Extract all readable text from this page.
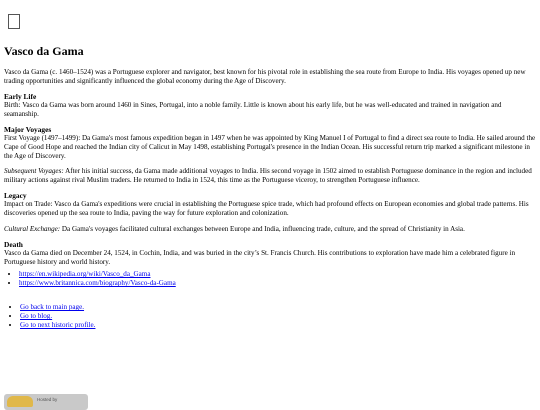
Vasco da Gama

Vasco da Gama (c. 1460–1524) was a Portuguese explorer and navigator, best known for his pivotal role in establishing the sea route from Europe to India. His voyages opened up new trading opportunities and significantly influenced the global economy during the Age of Discovery.

Early Life

Birth: Vasco da Gama was born around 1460 in Sines, Portugal, into a noble family. Little is known about his early life, but he was well-educated and trained in navigation and seamanship.

Major Voyages

First Voyage (1497–1499): Da Gama's most famous expedition began in 1497 when he was appointed by King Manuel I of Portugal to find a direct sea route to India. He sailed around the Cape of Good Hope and reached the Indian city of Calicut in May 1498, establishing Portugal's presence in the Indian Ocean. His successful return trip marked a significant milestone in the Age of Discovery.

Subsequent Voyages: After his initial success, da Gama made additional voyages to India. His second voyage in 1502 aimed to establish Portuguese dominance in the region and included military actions against rival Muslim traders. He returned to India in 1524, this time as the Portuguese viceroy, to strengthen Portuguese influence.

Legacy

Impact on Trade: Vasco da Gama's expeditions were crucial in establishing the Portuguese spice trade, which had profound effects on European economies and global trade patterns. His discoveries opened up the sea route to India, paving the way for future exploration and colonization.

Cultural Exchange: Da Gama's voyages facilitated cultural exchanges between Europe and India, influencing trade, culture, and the spread of Christianity in Asia.

Death

Vasco da Gama died on December 24, 1524, in Cochin, India, and was buried in the city’s St. Francis Church. His contributions to exploration have made him a celebrated figure in Portuguese history and world history.

• https://en.wikipedia.org/wiki/Vasco_da_Gama
• https://www.britannica.com/biography/Vasco-da-Gama
• Go back to main page.
• Go to blog.
• Go to next historic profile.
Hosted by
